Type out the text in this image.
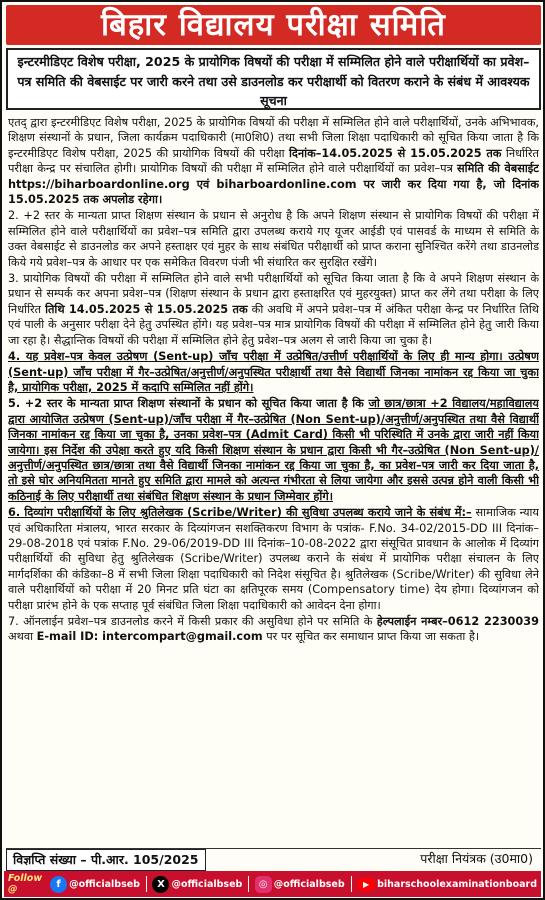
बिहार विद्यालय परीक्षा समिति
इन्टरमीडिएट विशेष परीक्षा, 2025 के प्रायोगिक विषयों की परीक्षा में सम्मिलित होने वाले परीक्षार्थियों का प्रवेश–पत्र समिति की वेबसाईट पर जारी करने तथा उसे डाउनलोड कर परीक्षार्थी को वितरण कराने के संबंध में आवश्यक सूचना

एतद् द्वारा इन्टरमीडिएट विशेष परीक्षा, 2025 के प्रायोगिक विषयों की परीक्षा में सम्मिलित होने वाले परीक्षार्थियों, उनके अभिभावक, शिक्षण संस्थानों के प्रधान, जिला कार्यक्रम पदाधिकारी (मा0शि0) तथा सभी जिला शिक्षा पदाधिकारी को सूचित किया जाता है कि इन्टरमीडिएट विशेष परीक्षा, 2025 की प्रायोगिक विषयों की परीक्षा दिनांक–14.05.2025 से 15.05.2025 तक निर्धारित परीक्षा केन्द्र पर संचालित होगी। प्रायोगिक विषयों की परीक्षा में सम्मिलित होने वाले परीक्षार्थियों का प्रवेश–पत्र समिति की वेबसाईट https://biharboardonline.org एवं biharboardonline.com पर जारी कर दिया गया है, जो दिनांक 15.05.2025 तक अपलोड रहेगा।

2. +2 स्तर के मान्यता प्राप्त शिक्षण संस्थान के प्रधान से अनुरोध है कि अपने शिक्षण संस्थान से प्रायोगिक विषयों की परीक्षा में सम्मिलित होने वाले परीक्षार्थियों का प्रवेश–पत्र समिति द्वारा उपलब्ध कराये गए यूजर आईडी एवं पासवर्ड के माध्यम से समिति के उक्त वेबसाईट से डाउनलोड कर अपने हस्ताक्षर एवं मुहर के साथ संबंधित परीक्षार्थी को प्राप्त कराना सुनिश्चित करेंगे तथा डाउनलोड किये गये प्रवेश–पत्र के आधार पर एक समेकित विवरण पंजी भी संधारित कर सुरक्षित रखेंगे।

3. प्रायोगिक विषयों की परीक्षा में सम्मिलित होने वाले सभी परीक्षार्थियों को सूचित किया जाता है कि वे अपने शिक्षण संस्थान के प्रधान से सम्पर्क कर अपना प्रवेश–पत्र (शिक्षण संस्थान के प्रधान द्वारा हस्ताक्षरित एवं मुहरयुक्त) प्राप्त कर लेंगे तथा परीक्षा के लिए निर्धारित तिथि 14.05.2025 से 15.05.2025 तक की अवधि में अपने प्रवेश–पत्र में अंकित परीक्षा केन्द्र पर निर्धारित तिथि एवं पाली के अनुसार परीक्षा देने हेतु उपस्थित होंगे। यह प्रवेश–पत्र मात्र प्रायोगिक विषयों की परीक्षा में सम्मिलित होने हेतु जारी किया जा रहा है। सैद्धान्तिक विषयों की परीक्षा में सम्मिलित होने हेतु प्रवेश–पत्र अलग से जारी किया जा चुका है।

4. यह प्रवेश–पत्र केवल उत्प्रेषण (Sent-up) जाँच परीक्षा में उत्प्रेषित/उत्तीर्ण परीक्षार्थियों के लिए ही मान्य होगा। उत्प्रेषण (Sent-up) जाँच परीक्षा में गैर–उत्प्रेषित/अनुत्तीर्ण/अनुपस्थित परीक्षार्थी तथा वैसे विद्यार्थी जिनका नामांकन रद्द किया जा चुका है, प्रायोगिक परीक्षा, 2025 में कदापि सम्मिलित नहीं होंगे।

5. +2 स्तर के मान्यता प्राप्त शिक्षण संस्थानों के प्रधान को सूचित किया जाता है कि जो छात्र/छात्रा +2 विद्यालय/महाविद्यालय द्वारा आयोजित उत्प्रेषण (Sent-up)/जाँच परीक्षा में गैर–उत्प्रेषित (Non Sent-up)/अनुत्तीर्ण/अनुपस्थित तथा वैसे विद्यार्थी जिनका नामांकन रद्द किया जा चुका है, उनका प्रवेश–पत्र (Admit Card) किसी भी परिस्थिति में उनके द्वारा जारी नहीं किया जायेगा। इस निर्देश की उपेक्षा करते हुए यदि किसी शिक्षण संस्थान के प्रधान द्वारा किसी भी गैर–उत्प्रेषित (Non Sent-up)/अनुत्तीर्ण/अनुपस्थित छात्र/छात्रा तथा वैसे विद्यार्थी जिनका नामांकन रद्द किया जा चुका है, का प्रवेश–पत्र जारी कर दिया जाता है, तो इसे घोर अनियमितता मानते हुए समिति द्वारा मामले को अत्यन्त गंभीरता से लिया जायेगा और इससे उत्पन्न होने वाली किसी भी कठिनाई के लिए परीक्षार्थी तथा संबंधित शिक्षण संस्थान के प्रधान जिम्मेवार होंगे।

6. दिव्यांग परीक्षार्थियों के लिए श्रुतिलेखक (Scribe/Writer) की सुविधा उपलब्ध कराये जाने के संबंध में:– सामाजिक न्याय एवं अधिकारिता मंत्रालय, भारत सरकार के दिव्यांगजन सशक्तिकरण विभाग के पत्रांक- F.No. 34-02/2015-DD III दिनांक–29-08-2018 एवं पत्रांक F.No. 29-06/2019-DD III दिनांक–10-08-2022 द्वारा संसूचित प्रावधान के आलोक में दिव्यांग परीक्षार्थियों की सुविधा हेतु श्रुतिलेखक (Scribe/Writer) उपलब्ध कराने के संबंध में प्रायोगिक परीक्षा संचालन के लिए मार्गदर्शिका की कंडिका–8 में सभी जिला शिक्षा पदाधिकारी को निदेश संसूचित है। श्रुतिलेखक (Scribe/Writer) की सुविधा लेने वाले परीक्षार्थियों को परीक्षा में 20 मिनट प्रति घंटा का क्षतिपूरक समय (Compensatory time) देय होगा। दिव्यांगजन को परीक्षा प्रारंभ होने के एक सप्ताह पूर्व संबंधित जिला शिक्षा पदाधिकारी को आवेदन देना होगा।

7. ऑनलाईन प्रवेश–पत्र डाउनलोड करने में किसी प्रकार की असुविधा होने पर समिति के हेल्पलाईन नम्बर–0612 2230039 अथवा E-mail ID: intercompart@gmail.com पर पर सूचित कर समाधान प्राप्त किया जा सकता है।

विज्ञप्ति संख्या – पी.आर. 105/2025	परीक्षा नियंत्रक (उ0मा0)
Follow @	f @officialbseb	X @officialbseb	◎ @officialbseb	▶ biharschoolexaminationboard
